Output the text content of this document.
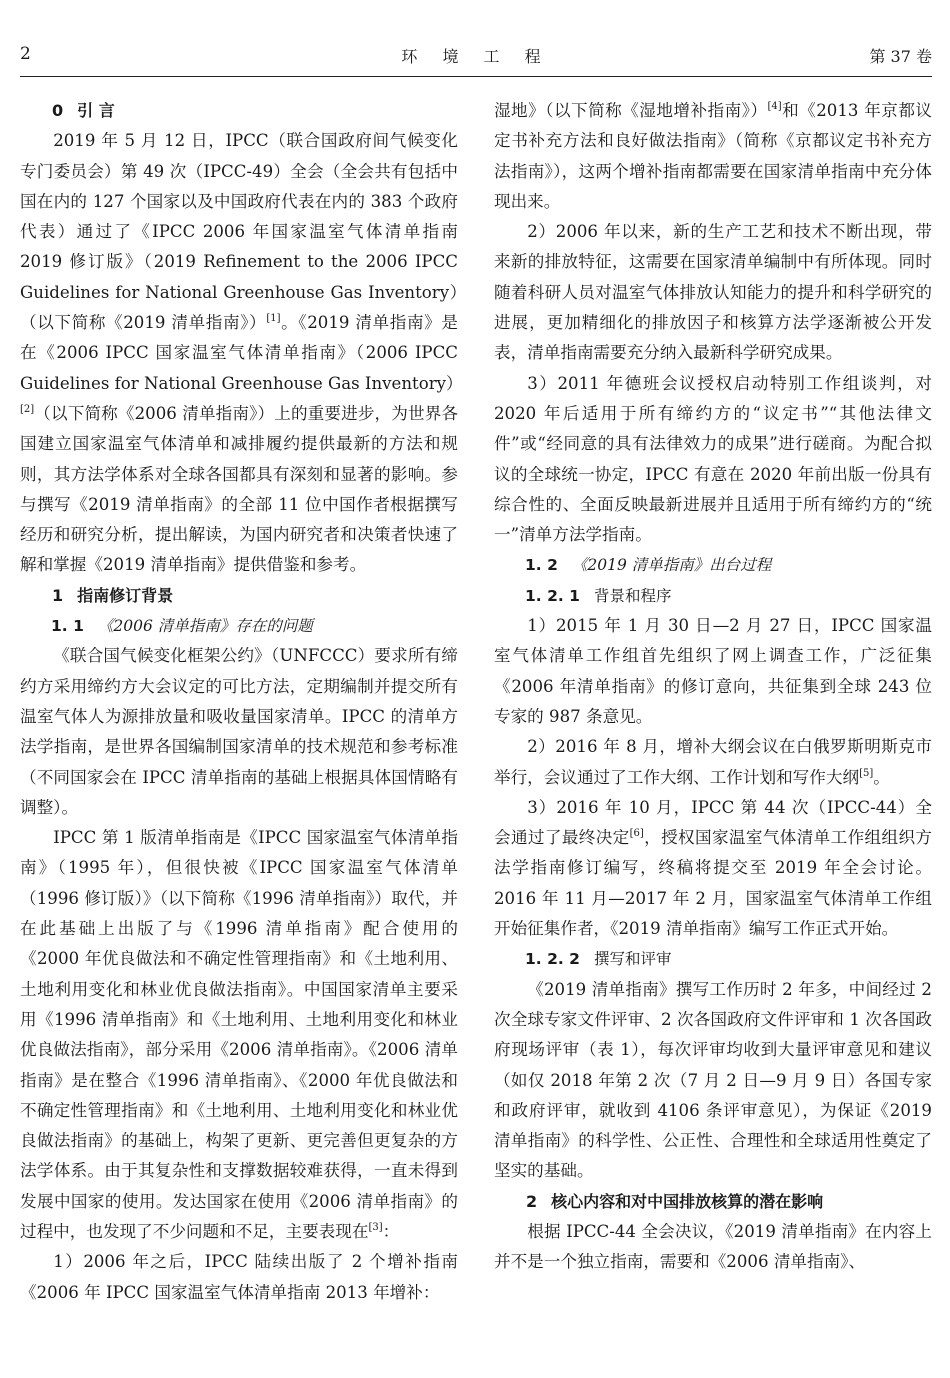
2	环 境 工 程	第 37 卷

0 引 言

2019 年 5 月 12 日，IPCC（联合国政府间气候变化专门委员会）第 49 次（IPCC-49）全会（全会共有包括中国在内的 127 个国家以及中国政府代表在内的 383 个政府代表）通过了《IPCC 2006 年国家温室气体清单指南 2019 修订版》（2019 Refinement to the 2006 IPCC Guidelines for National Greenhouse Gas Inventory）（以下简称《2019 清单指南》）[1]。《2019 清单指南》是在《2006 IPCC 国家温室气体清单指南》（2006 IPCC Guidelines for National Greenhouse Gas Inventory）[2]（以下简称《2006 清单指南》）上的重要进步，为世界各国建立国家温室气体清单和减排履约提供最新的方法和规则，其方法学体系对全球各国都具有深刻和显著的影响。参与撰写《2019 清单指南》的全部 11 位中国作者根据撰写经历和研究分析，提出解读，为国内研究者和决策者快速了解和掌握《2019 清单指南》提供借鉴和参考。

1 指南修订背景

1. 1 《2006 清单指南》存在的问题

《联合国气候变化框架公约》（UNFCCC）要求所有缔约方采用缔约方大会议定的可比方法，定期编制并提交所有温室气体人为源排放量和吸收量国家清单。IPCC 的清单方法学指南，是世界各国编制国家清单的技术规范和参考标准（不同国家会在 IPCC 清单指南的基础上根据具体国情略有调整）。

IPCC 第 1 版清单指南是《IPCC 国家温室气体清单指南》（1995 年），但很快被《IPCC 国家温室气体清单（1996 修订版）》（以下简称《1996 清单指南》）取代，并在此基础上出版了与《1996 清单指南》配合使用的《2000 年优良做法和不确定性管理指南》和《土地利用、土地利用变化和林业优良做法指南》。中国国家清单主要采用《1996 清单指南》和《土地利用、土地利用变化和林业优良做法指南》，部分采用《2006 清单指南》。《2006 清单指南》是在整合《1996 清单指南》、《2000 年优良做法和不确定性管理指南》和《土地利用、土地利用变化和林业优良做法指南》的基础上，构架了更新、更完善但更复杂的方法学体系。由于其复杂性和支撑数据较难获得，一直未得到发展中国家的使用。发达国家在使用《2006 清单指南》的过程中，也发现了不少问题和不足，主要表现在[3]：

1）2006 年之后，IPCC 陆续出版了 2 个增补指南《2006 年 IPCC 国家温室气体清单指南 2013 年增补：

湿地》（以下简称《湿地增补指南》）[4]和《2013 年京都议定书补充方法和良好做法指南》（简称《京都议定书补充方法指南》），这两个增补指南都需要在国家清单指南中充分体现出来。

2）2006 年以来，新的生产工艺和技术不断出现，带来新的排放特征，这需要在国家清单编制中有所体现。同时随着科研人员对温室气体排放认知能力的提升和科学研究的进展，更加精细化的排放因子和核算方法学逐渐被公开发表，清单指南需要充分纳入最新科学研究成果。

3）2011 年德班会议授权启动特别工作组谈判，对 2020 年后适用于所有缔约方的“议定书”“其他法律文件”或“经同意的具有法律效力的成果”进行磋商。为配合拟议的全球统一协定，IPCC 有意在 2020 年前出版一份具有综合性的、全面反映最新进展并且适用于所有缔约方的“统一”清单方法学指南。

1. 2 《2019 清单指南》出台过程

1. 2. 1 背景和程序

1）2015 年 1 月 30 日—2 月 27 日，IPCC 国家温室气体清单工作组首先组织了网上调查工作，广泛征集《2006 年清单指南》的修订意向，共征集到全球 243 位专家的 987 条意见。

2）2016 年 8 月，增补大纲会议在白俄罗斯明斯克市举行，会议通过了工作大纲、工作计划和写作大纲[5]。

3）2016 年 10 月，IPCC 第 44 次（IPCC-44）全会通过了最终决定[6]，授权国家温室气体清单工作组组织方法学指南修订编写，终稿将提交至 2019 年全会讨论。2016 年 11 月—2017 年 2 月，国家温室气体清单工作组开始征集作者，《2019 清单指南》编写工作正式开始。

1. 2. 2 撰写和评审

《2019 清单指南》撰写工作历时 2 年多，中间经过 2 次全球专家文件评审、2 次各国政府文件评审和 1 次各国政府现场评审（表 1），每次评审均收到大量评审意见和建议（如仅 2018 年第 2 次（7 月 2 日—9 月 9 日）各国专家和政府评审，就收到 4106 条评审意见），为保证《2019 清单指南》的科学性、公正性、合理性和全球适用性奠定了坚实的基础。

2 核心内容和对中国排放核算的潜在影响

根据 IPCC-44 全会决议，《2019 清单指南》在内容上并不是一个独立指南，需要和《2006 清单指南》、
